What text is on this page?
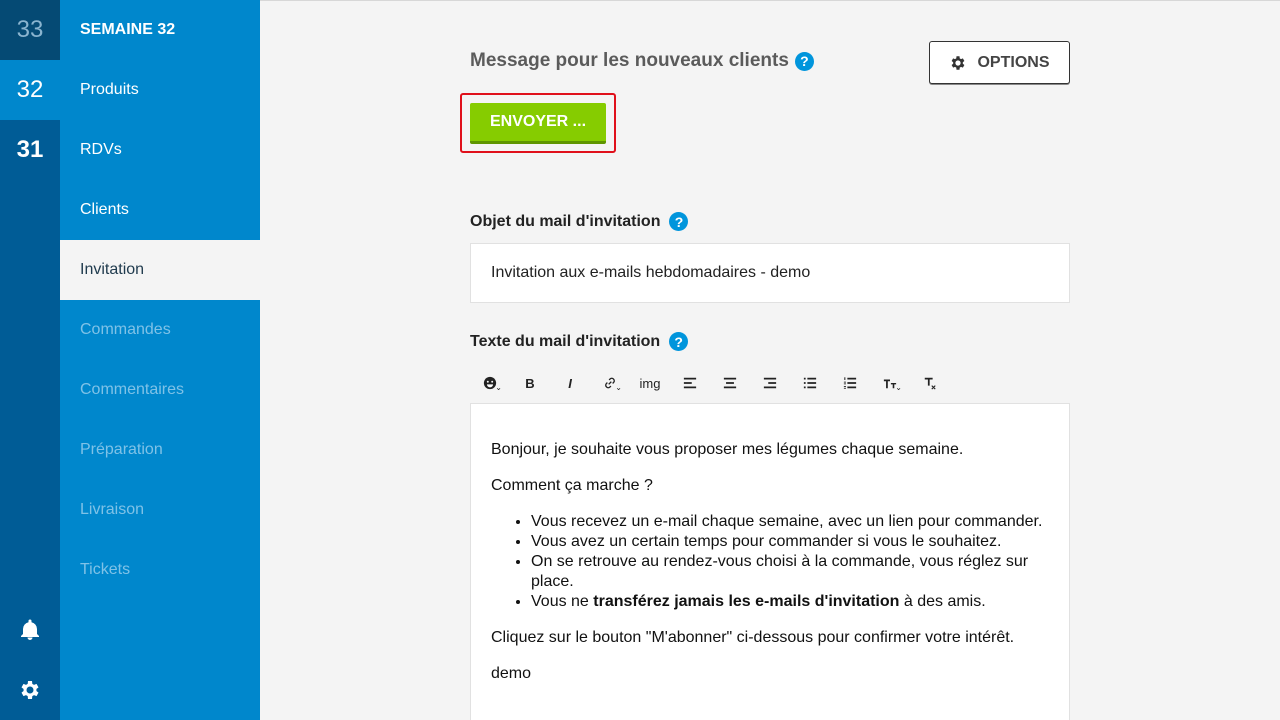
33
32
31
SEMAINE 32
Produits
RDVs
Clients
Invitation
Commandes
Commentaires
Préparation
Livraison
Tickets
Message pour les nouveaux clients ?	OPTIONS
ENVOYER ...
Objet du mail d'invitation	?
Invitation aux e-mails hebdomadaires - demo
Texte du mail d'invitation	?
⌄	B	I	⌄	img	⌄

Bonjour, je souhaite vous proposer mes légumes chaque semaine.

Comment ça marche ?

• Vous recevez un e-mail chaque semaine, avec un lien pour commander.
• Vous avez un certain temps pour commander si vous le souhaitez.
• On se retrouve au rendez-vous choisi à la commande, vous réglez sur place.
• Vous ne transférez jamais les e-mails d'invitation à des amis.

Cliquez sur le bouton "M'abonner" ci-dessous pour confirmer votre intérêt.

demo
